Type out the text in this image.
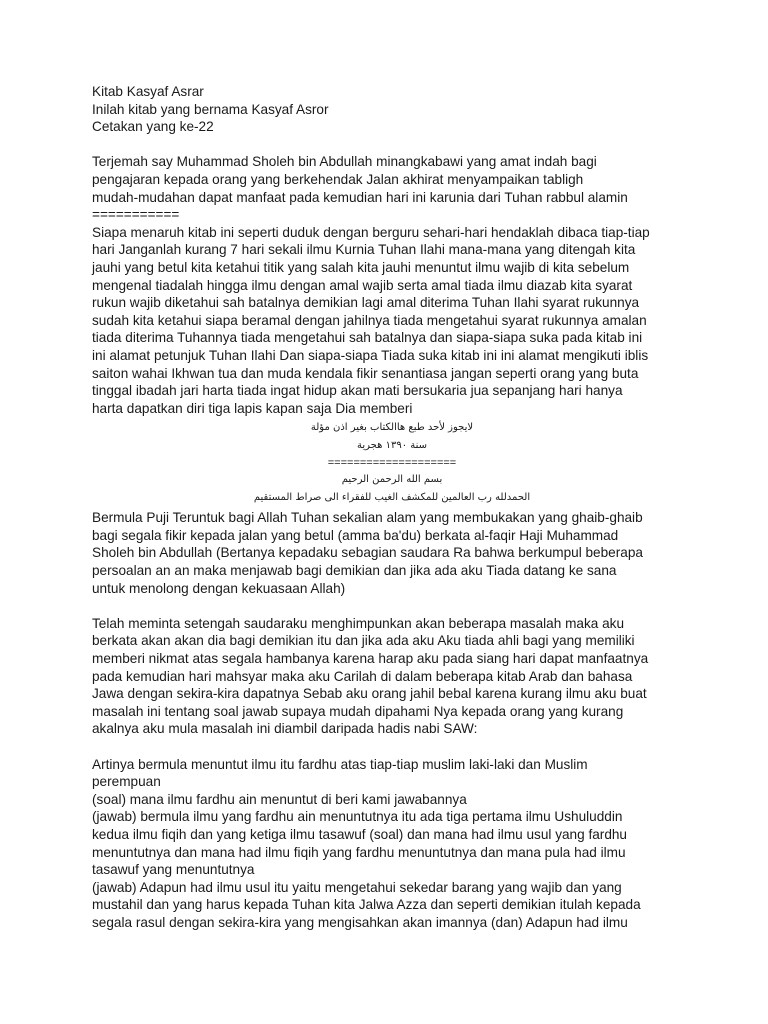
Kitab Kasyaf Asrar
Inilah kitab yang bernama Kasyaf Asror
Cetakan yang ke-22
Terjemah say Muhammad Sholeh bin Abdullah minangkabawi yang amat indah bagi
pengajaran kepada orang yang berkehendak Jalan akhirat menyampaikan tabligh
mudah-mudahan dapat manfaat pada kemudian hari ini karunia dari Tuhan rabbul alamin
===========
Siapa menaruh kitab ini seperti duduk dengan berguru sehari-hari hendaklah dibaca tiap-tiap
hari Janganlah kurang 7 hari sekali ilmu Kurnia Tuhan Ilahi mana-mana yang ditengah kita
jauhi yang betul kita ketahui titik yang salah kita jauhi menuntut ilmu wajib di kita sebelum
mengenal tiadalah hingga ilmu dengan amal wajib serta amal tiada ilmu diazab kita syarat
rukun wajib diketahui sah batalnya demikian lagi amal diterima Tuhan Ilahi syarat rukunnya
sudah kita ketahui siapa beramal dengan jahilnya tiada mengetahui syarat rukunnya amalan
tiada diterima Tuhannya tiada mengetahui sah batalnya dan siapa-siapa suka pada kitab ini
ini alamat petunjuk Tuhan Ilahi Dan siapa-siapa Tiada suka kitab ini ini alamat mengikuti iblis
saiton wahai Ikhwan tua dan muda kendala fikir senantiasa jangan seperti orang yang buta
tinggal ibadah jari harta tiada ingat hidup akan mati bersukaria jua sepanjang hari hanya
harta dapatkan diri tiga lapis kapan saja Dia memberi
لايجوز لأحد طبع هاالكتاب بغير اذن مؤلة
سنة ١٣٩٠ هجرية
====================
بسم الله الرحمن الرحيم
الحمدلله رب العالمين للمكشف الغيب للفقراء الى صراط المستقيم
Bermula Puji Teruntuk bagi Allah Tuhan sekalian alam yang membukakan yang ghaib-ghaib
bagi segala fikir kepada jalan yang betul (amma ba'du) berkata al-faqir Haji Muhammad
Sholeh bin Abdullah (Bertanya kepadaku sebagian saudara Ra bahwa berkumpul beberapa
persoalan an an maka menjawab bagi demikian dan jika ada aku Tiada datang ke sana
untuk menolong dengan kekuasaan Allah)
Telah meminta setengah saudaraku menghimpunkan akan beberapa masalah maka aku
berkata akan akan dia bagi demikian itu dan jika ada aku Aku tiada ahli bagi yang memiliki
memberi nikmat atas segala hambanya karena harap aku pada siang hari dapat manfaatnya
pada kemudian hari mahsyar maka aku Carilah di dalam beberapa kitab Arab dan bahasa
Jawa dengan sekira-kira dapatnya Sebab aku orang jahil bebal karena kurang ilmu aku buat
masalah ini tentang soal jawab supaya mudah dipahami Nya kepada orang yang kurang
akalnya aku mula masalah ini diambil daripada hadis nabi SAW:
Artinya bermula menuntut ilmu itu fardhu atas tiap-tiap muslim laki-laki dan Muslim
perempuan
(soal) mana ilmu fardhu ain menuntut di beri kami jawabannya
(jawab) bermula ilmu yang fardhu ain menuntutnya itu ada tiga pertama ilmu Ushuluddin
kedua ilmu fiqih dan yang ketiga ilmu tasawuf (soal) dan mana had ilmu usul yang fardhu
menuntutnya dan mana had ilmu fiqih yang fardhu menuntutnya dan mana pula had ilmu
tasawuf yang menuntutnya
(jawab) Adapun had ilmu usul itu yaitu mengetahui sekedar barang yang wajib dan yang
mustahil dan yang harus kepada Tuhan kita Jalwa Azza dan seperti demikian itulah kepada
segala rasul dengan sekira-kira yang mengisahkan akan imannya (dan) Adapun had ilmu
